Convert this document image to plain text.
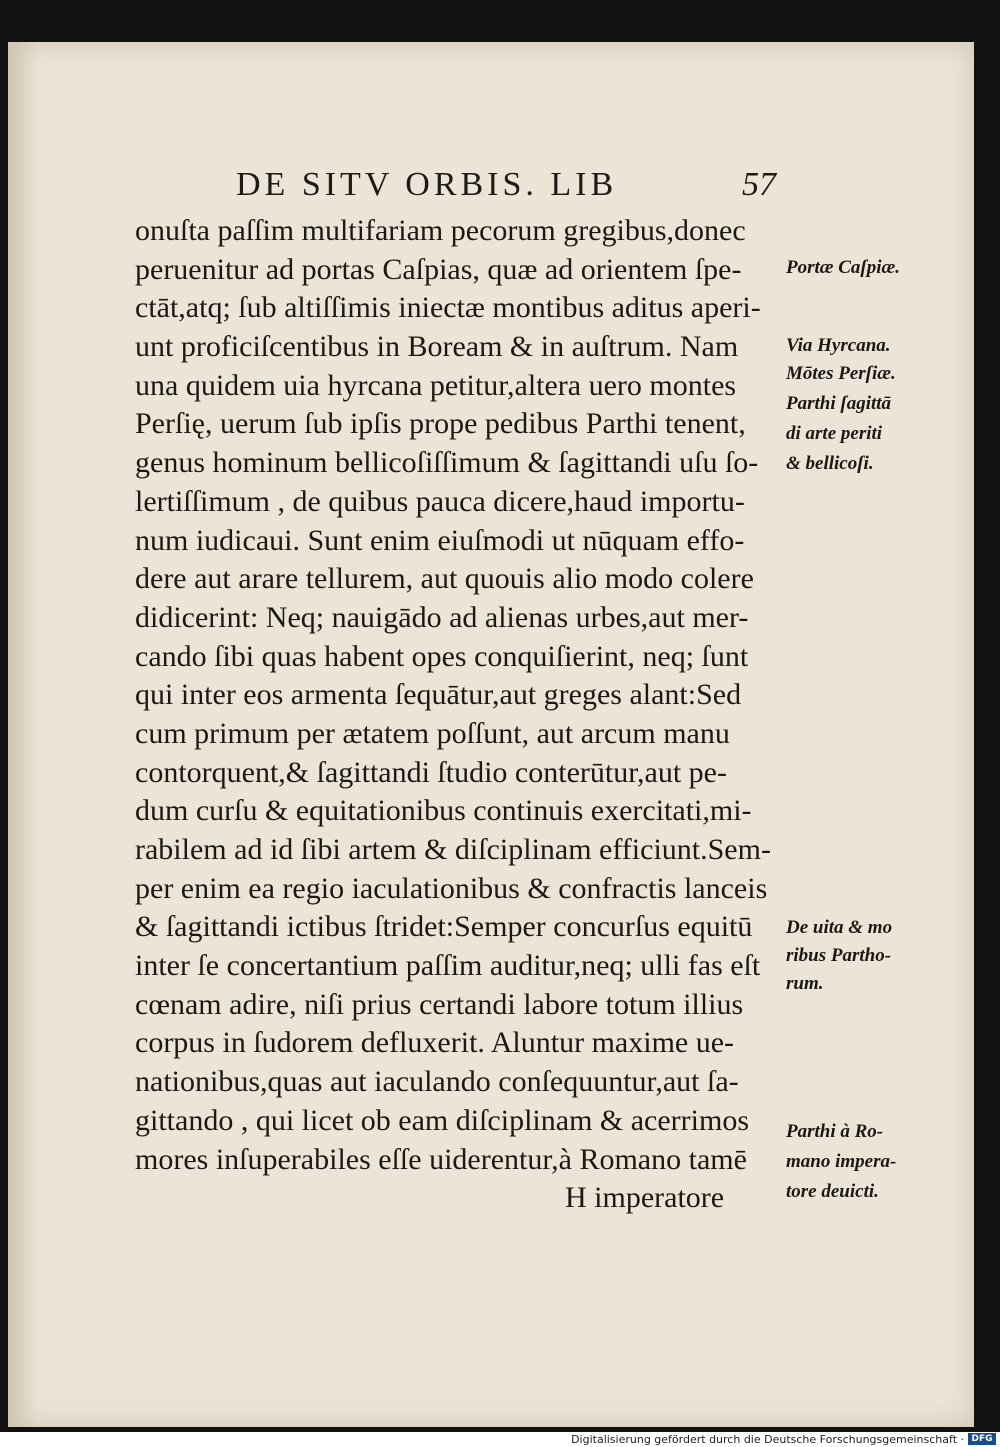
DE SITV ORBIS. LIB	57
onuſta paſſim multifariam pecorum gregibus,donec
peruenitur ad portas Caſpias, quæ ad orientem ſpe-
ctāt,atq; ſub altiſſimis iniectæ montibus aditus aperi-
unt proficiſcentibus in Boream & in auſtrum. Nam
una quidem uia hyrcana petitur,altera uero montes
Perſię, uerum ſub ipſis prope pedibus Parthi tenent,
genus hominum bellicoſiſſimum & ſagittandi uſu ſo-
lertiſſimum , de quibus pauca dicere,haud importu-
num iudicaui. Sunt enim eiuſmodi ut nūquam effo-
dere aut arare tellurem, aut quouis alio modo colere
didicerint: Neq; nauigādo ad alienas urbes,aut mer-
cando ſibi quas habent opes conquiſierint, neq; ſunt
qui inter eos armenta ſequātur,aut greges alant:Sed
cum primum per ætatem poſſunt, aut arcum manu
contorquent,& ſagittandi ſtudio conterūtur,aut pe-
dum curſu & equitationibus continuis exercitati,mi-
rabilem ad id ſibi artem & diſciplinam efficiunt.Sem-
per enim ea regio iaculationibus & confractis lanceis
& ſagittandi ictibus ſtridet:Semper concurſus equitū
inter ſe concertantium paſſim auditur,neq; ulli fas eſt
cœnam adire, niſi prius certandi labore totum illius
corpus in ſudorem defluxerit. Aluntur maxime ue-
nationibus,quas aut iaculando conſequuntur,aut ſa-
gittando , qui licet ob eam diſciplinam & acerrimos
mores inſuperabiles eſſe uiderentur,à Romano tamē
H imperatore
Portæ Caſpiæ.
Via Hyrcana.
Mōtes Perſiæ.
Parthi ſagittā
di arte periti
& bellicoſi.
De uita & mo
ribus Partho-
rum.
Parthi à Ro-
mano impera-
tore deuicti.
Digitalisierung gefördert durch die Deutsche Forschungsgemeinschaft · DFG
